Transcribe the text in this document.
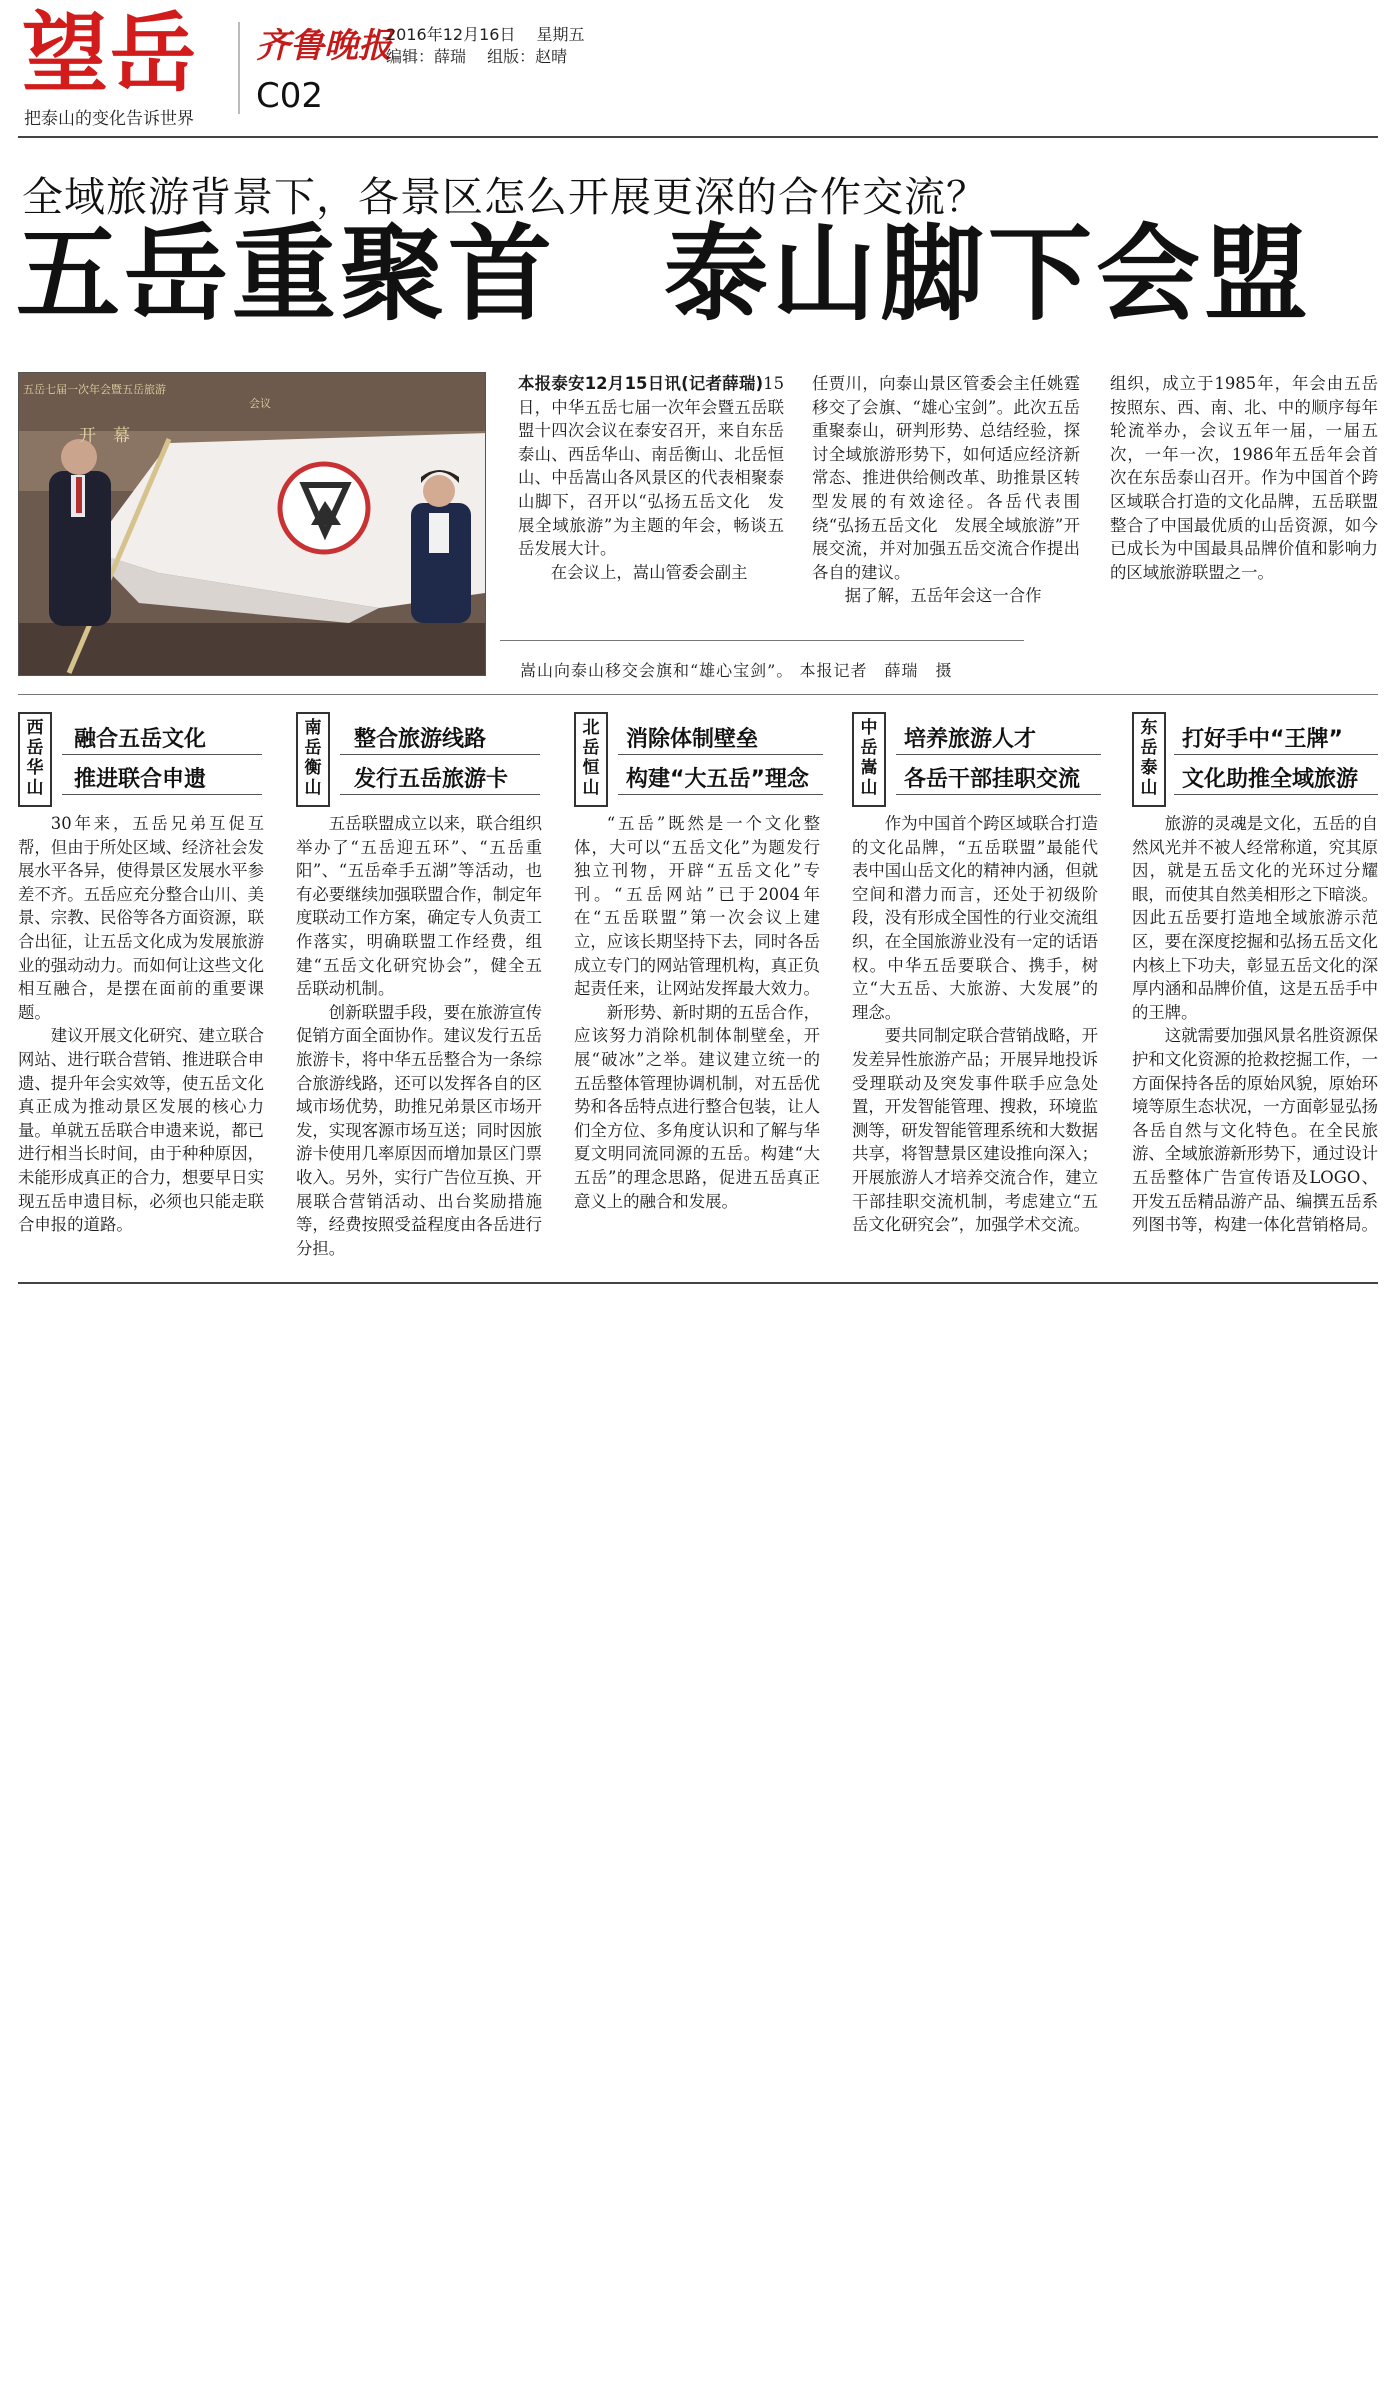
望岳
把泰山的变化告诉世界
齐鲁晚报
C02
2016年12月16日　 星期五
编辑：薛瑞　 组版：赵晴
全域旅游背景下，各景区怎么开展更深的合作交流？
五岳重聚首　泰山脚下会盟
五岳七届一次年会暨五岳旅游
会议
开　幕
嵩山向泰山移交会旗和“雄心宝剑”。 本报记者　薛瑞　摄

本报泰安12月15日讯(记者薛瑞)15日，中华五岳七届一次年会暨五岳联盟十四次会议在泰安召开，来自东岳泰山、西岳华山、南岳衡山、北岳恒山、中岳嵩山各风景区的代表相聚泰山脚下，召开以“弘扬五岳文化　发展全域旅游”为主题的年会，畅谈五岳发展大计。

在会议上，嵩山管委会副主

任贾川，向泰山景区管委会主任姚霆移交了会旗、“雄心宝剑”。此次五岳重聚泰山，研判形势、总结经验，探讨全域旅游形势下，如何适应经济新常态、推进供给侧改革、助推景区转型发展的有效途径。各岳代表围绕“弘扬五岳文化　发展全域旅游”开展交流，并对加强五岳交流合作提出各自的建议。

据了解，五岳年会这一合作

组织，成立于1985年，年会由五岳按照东、西、南、北、中的顺序每年轮流举办，会议五年一届，一届五次，一年一次，1986年五岳年会首次在东岳泰山召开。作为中国首个跨区域联合打造的文化品牌，五岳联盟整合了中国最优质的山岳资源，如今已成长为中国最具品牌价值和影响力的区域旅游联盟之一。

西
岳
华
山
融合五岳文化
推进联合申遗

30年来，五岳兄弟互促互帮，但由于所处区域、经济社会发展水平各异，使得景区发展水平参差不齐。五岳应充分整合山川、美景、宗教、民俗等各方面资源，联合出征，让五岳文化成为发展旅游业的强动动力。而如何让这些文化相互融合，是摆在面前的重要课题。

建议开展文化研究、建立联合网站、进行联合营销、推进联合申遗、提升年会实效等，使五岳文化真正成为推动景区发展的核心力量。单就五岳联合申遗来说，都已进行相当长时间，由于种种原因，未能形成真正的合力，想要早日实现五岳申遗目标，必须也只能走联合申报的道路。

南
岳
衡
山
整合旅游线路
发行五岳旅游卡

五岳联盟成立以来，联合组织举办了“五岳迎五环”、“五岳重阳”、“五岳牵手五湖”等活动，也有必要继续加强联盟合作，制定年度联动工作方案，确定专人负责工作落实，明确联盟工作经费，组建“五岳文化研究协会”，健全五岳联动机制。

创新联盟手段，要在旅游宣传促销方面全面协作。建议发行五岳旅游卡，将中华五岳整合为一条综合旅游线路，还可以发挥各自的区域市场优势，助推兄弟景区市场开发，实现客源市场互送；同时因旅游卡使用几率原因而增加景区门票收入。另外，实行广告位互换、开展联合营销活动、出台奖励措施等，经费按照受益程度由各岳进行分担。

北
岳
恒
山
消除体制壁垒
构建“大五岳”理念

“五岳”既然是一个文化整体，大可以“五岳文化”为题发行独立刊物，开辟“五岳文化”专刊。“五岳网站”已于2004年在“五岳联盟”第一次会议上建立，应该长期坚持下去，同时各岳成立专门的网站管理机构，真正负起责任来，让网站发挥最大效力。

新形势、新时期的五岳合作，应该努力消除机制体制壁垒，开展“破冰”之举。建议建立统一的五岳整体管理协调机制，对五岳优势和各岳特点进行整合包装，让人们全方位、多角度认识和了解与华夏文明同流同源的五岳。构建“大五岳”的理念思路，促进五岳真正意义上的融合和发展。

中
岳
嵩
山
培养旅游人才
各岳干部挂职交流

作为中国首个跨区域联合打造的文化品牌，“五岳联盟”最能代表中国山岳文化的精神内涵，但就空间和潜力而言，还处于初级阶段，没有形成全国性的行业交流组织，在全国旅游业没有一定的话语权。中华五岳要联合、携手，树立“大五岳、大旅游、大发展”的理念。

要共同制定联合营销战略，开发差异性旅游产品；开展异地投诉受理联动及突发事件联手应急处置，开发智能管理、搜救，环境监测等，研发智能管理系统和大数据共享，将智慧景区建设推向深入；开展旅游人才培养交流合作，建立干部挂职交流机制，考虑建立“五岳文化研究会”，加强学术交流。

东
岳
泰
山
打好手中“王牌”
文化助推全域旅游

旅游的灵魂是文化，五岳的自然风光并不被人经常称道，究其原因，就是五岳文化的光环过分耀眼，而使其自然美相形之下暗淡。因此五岳要打造地全域旅游示范区，要在深度挖掘和弘扬五岳文化内核上下功夫，彰显五岳文化的深厚内涵和品牌价值，这是五岳手中的王牌。

这就需要加强风景名胜资源保护和文化资源的抢救挖掘工作，一方面保持各岳的原始风貌，原始环境等原生态状况，一方面彰显弘扬各岳自然与文化特色。在全民旅游、全域旅游新形势下，通过设计五岳整体广告宣传语及LOGO、开发五岳精品游产品、编撰五岳系列图书等，构建一体化营销格局。
